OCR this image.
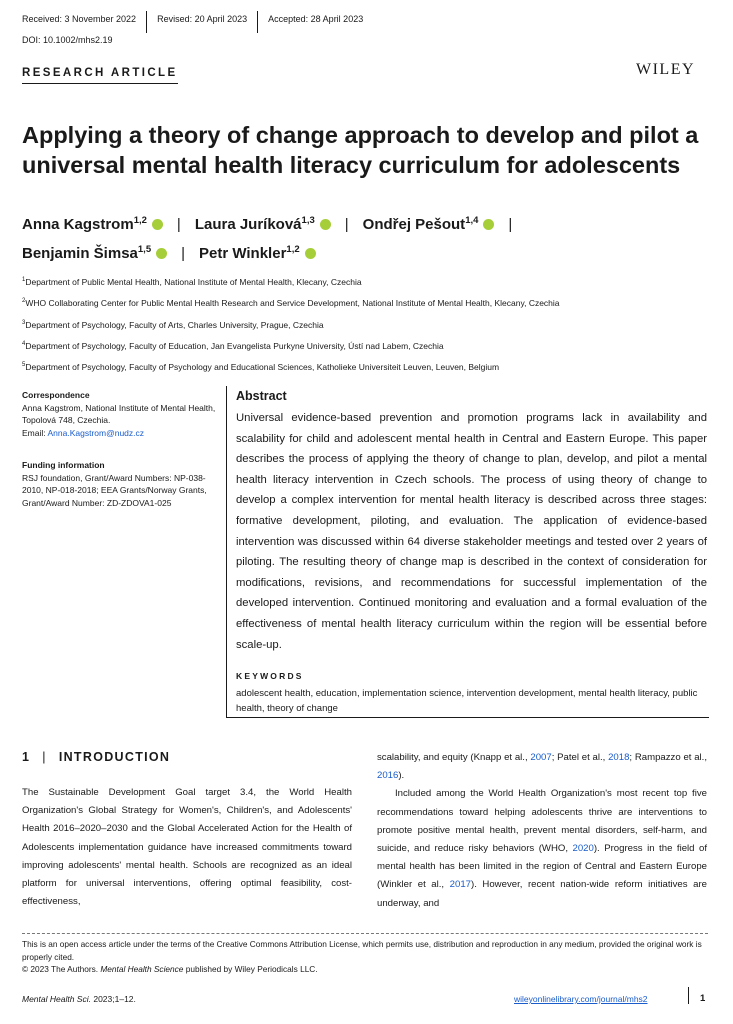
Received: 3 November 2022	Revised: 20 April 2023	Accepted: 28 April 2023
DOI: 10.1002/mhs2.19
RESEARCH ARTICLE	WILEY
Applying a theory of change approach to develop and pilot a universal mental health literacy curriculum for adolescents
Anna Kagstrom$^{1,2}$ | Laura Juríková$^{1,3}$ | Ondřej Pešout$^{1,4}$ |
Benjamin Šimsa$^{1,5}$ | Petr Winkler$^{1,2}$
$^1$Department of Public Mental Health, National Institute of Mental Health, Klecany, Czechia
$^2$WHO Collaborating Center for Public Mental Health Research and Service Development, National Institute of Mental Health, Klecany, Czechia
$^3$Department of Psychology, Faculty of Arts, Charles University, Prague, Czechia
$^4$Department of Psychology, Faculty of Education, Jan Evangelista Purkyne University, Ústí nad Labem, Czechia
$^5$Department of Psychology, Faculty of Psychology and Educational Sciences, Katholieke Universiteit Leuven, Leuven, Belgium
Correspondence
Anna Kagstrom, National Institute of Mental Health, Topolová 748, Czechia.
Email: Anna.Kagstrom@nudz.cz
Funding information
RSJ foundation, Grant/Award Numbers: NP-038-2010, NP-018-2018; EEA Grants/Norway Grants, Grant/Award Number: ZD-ZDOVA1-025
Abstract
Universal evidence-based prevention and promotion programs lack in availability and scalability for child and adolescent mental health in Central and Eastern Europe. This paper describes the process of applying the theory of change to plan, develop, and pilot a mental health literacy intervention in Czech schools. The process of using theory of change to develop a complex intervention for mental health literacy is described across three stages: formative development, piloting, and evaluation. The application of evidence-based intervention was discussed within 64 diverse stakeholder meetings and tested over 2 years of piloting. The resulting theory of change map is described in the context of consideration for modifications, revisions, and recommendations for successful implementation of the developed intervention. Continued monitoring and evaluation and a formal evaluation of the effectiveness of mental health literacy curriculum within the region will be essential before scale-up.
KEYWORDS
adolescent health, education, implementation science, intervention development, mental health literacy, public health, theory of change
1 | INTRODUCTION

The Sustainable Development Goal target 3.4, the World Health Organization's Global Strategy for Women's, Children's, and Adolescents' Health 2016–2020–2030 and the Global Accelerated Action for the Health of Adolescents implementation guidance have increased commitments toward improving adolescents' mental health. Schools are recognized as an ideal platform for universal interventions, offering optimal feasibility, cost-effectiveness,

scalability, and equity (Knapp et al., 2007; Patel et al., 2018; Rampazzo et al., 2016).

Included among the World Health Organization's most recent top five recommendations toward helping adolescents thrive are interventions to promote positive mental health, prevent mental disorders, self-harm, and suicide, and reduce risky behaviors (WHO, 2020). Progress in the field of mental health has been limited in the region of Central and Eastern Europe (Winkler et al., 2017). However, recent nation-wide reform initiatives are underway, and

This is an open access article under the terms of the Creative Commons Attribution License, which permits use, distribution and reproduction in any medium, provided the original work is properly cited.
© 2023 The Authors. Mental Health Science published by Wiley Periodicals LLC.
Mental Health Sci. 2023;1–12.	wileyonlinelibrary.com/journal/mhs2	1
